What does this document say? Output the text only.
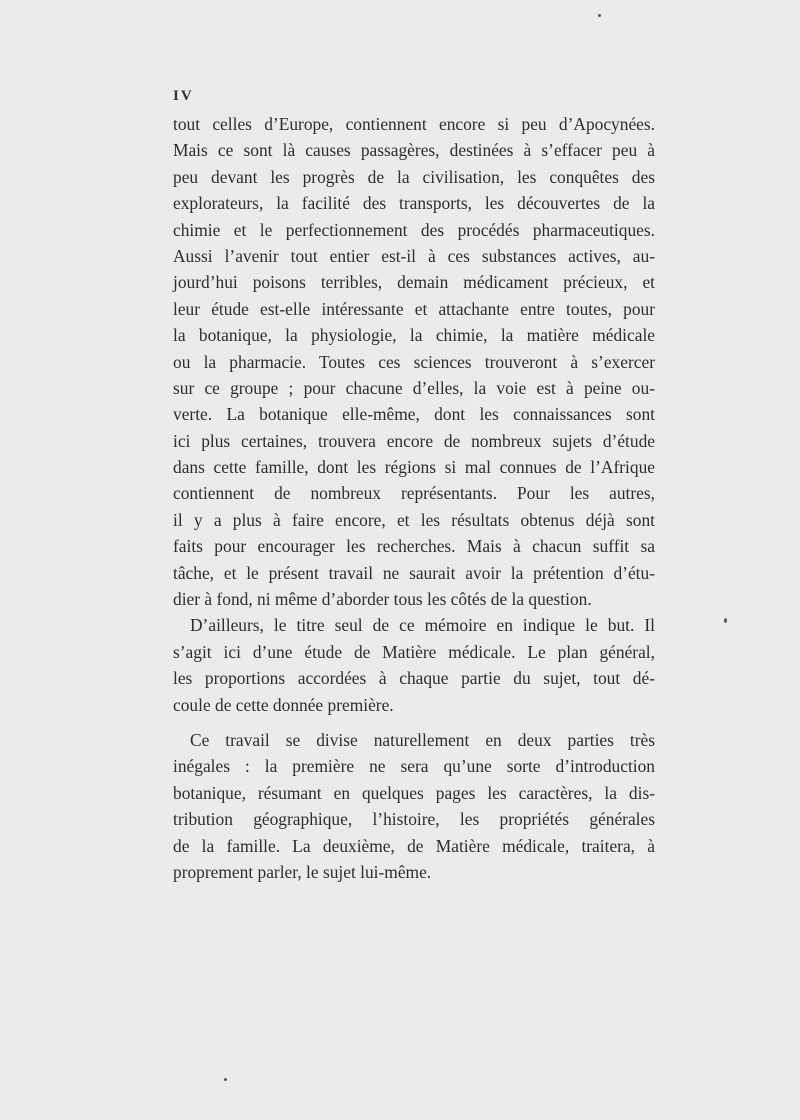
IV
tout celles d’Europe, contiennent encore si peu d’Apocynées.
Mais ce sont là causes passagères, destinées à s’effacer peu à
peu devant les progrès de la civilisation, les conquêtes des
explorateurs, la facilité des transports, les découvertes de la
chimie et le perfectionnement des procédés pharmaceutiques.
Aussi l’avenir tout entier est-il à ces substances actives, au-
jourd’hui poisons terribles, demain médicament précieux, et
leur étude est-elle intéressante et attachante entre toutes, pour
la botanique, la physiologie, la chimie, la matière médicale
ou la pharmacie. Toutes ces sciences trouveront à s’exercer
sur ce groupe ; pour chacune d’elles, la voie est à peine ou-
verte. La botanique elle-même, dont les connaissances sont
ici plus certaines, trouvera encore de nombreux sujets d’étude
dans cette famille, dont les régions si mal connues de l’Afrique
contiennent de nombreux représentants. Pour les autres,
il y a plus à faire encore, et les résultats obtenus déjà sont
faits pour encourager les recherches. Mais à chacun suffit sa
tâche, et le présent travail ne saurait avoir la prétention d’étu-
dier à fond, ni même d’aborder tous les côtés de la question.
D’ailleurs, le titre seul de ce mémoire en indique le but. Il
s’agit ici d’une étude de Matière médicale. Le plan général,
les proportions accordées à chaque partie du sujet, tout dé-
coule de cette donnée première.
Ce travail se divise naturellement en deux parties très
inégales : la première ne sera qu’une sorte d’introduction
botanique, résumant en quelques pages les caractères, la dis-
tribution géographique, l’histoire, les propriétés générales
de la famille. La deuxième, de Matière médicale, traitera, à
proprement parler, le sujet lui-même.
